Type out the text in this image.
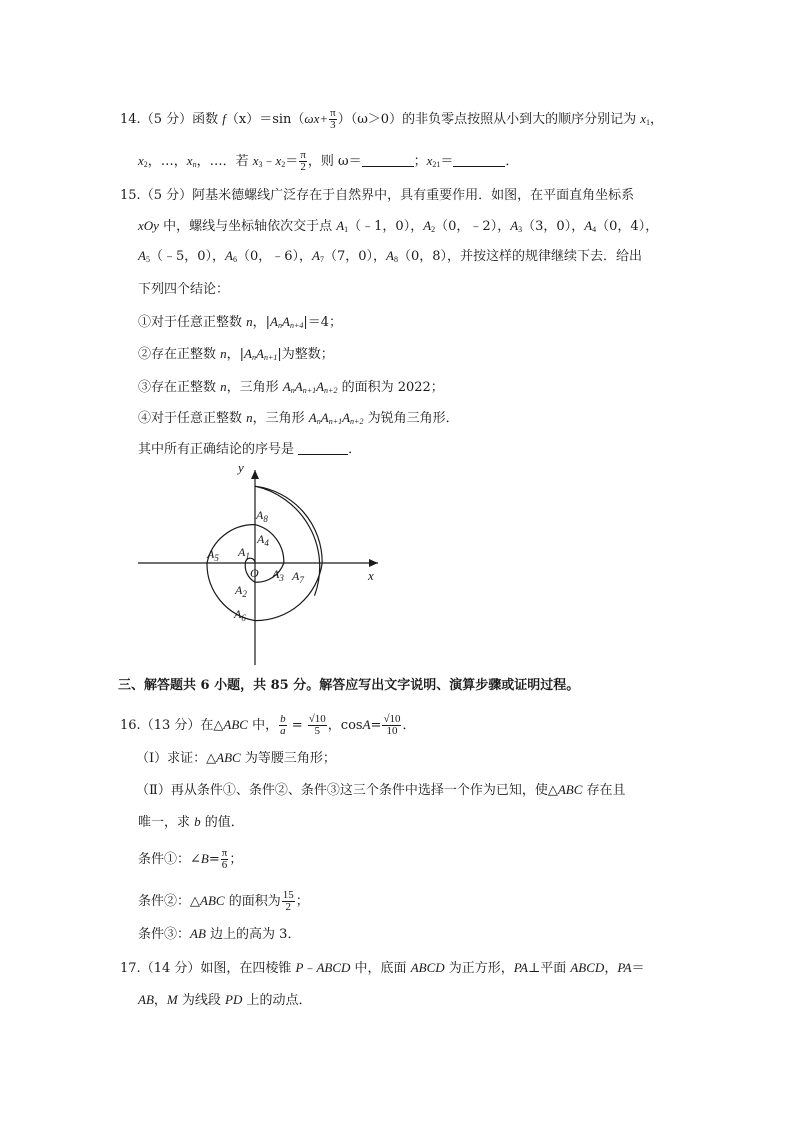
14.（5 分）函数 $f(x)=\sin(\omega x+ \frac{\pi}{3} )(\omega>0)$的非负零点按照从小到大的顺序分别记为 $x_1$，
$x_2$，…，$x_n$，…．若 $x_3﹣x_2= \frac{\pi}{2}$ ，则 ω＝	；$x_{21}=$	．
15.（5 分）阿基米德螺线广泛存在于自然界中，具有重要作用．如图，在平面直角坐标系
xOy 中，螺线与坐标轴依次交于点 $A_1(﹣1$，0），$A_2(0$，﹣2），$A_3(3$，0），$A_4(0$，4），
$A_5(﹣5$，0），$A_6(0$，﹣6），$A_7(7$，0），$A_8(0$，8），并按这样的规律继续下去．给出
下列四个结论：
①对于任意正整数 n，$|A_nA_{n+4}|=4$；
②存在正整数 n，$|A_nA_{n+1}|$为整数；
③存在正整数 n，三角形 $A_nA_{n+1}A_{n+2}$ 的面积为 2022；
④对于任意正整数 n，三角形 $A_nA_{n+1}A_{n+2}$ 为锐角三角形．
其中所有正确结论的序号是	．
y
x
O
$A_8$
$A_4$
$A_1$
$A_5$
$A_3$ $A_7$
$A_2$
$A_6$
三、解答题共 6 小题，共 85 分。解答应写出文字说明、演算步骤或证明过程。
16.（13 分）在△ABC 中， $\frac{b}{a} = \frac{√10}{5}$ ，$\cos A= \frac{√10}{10}$ ．
（Ⅰ）求证：△ABC 为等腰三角形；
（Ⅱ）再从条件①、条件②、条件③这三个条件中选择一个作为已知，使△ABC 存在且
唯一，求 b 的值．
条件①：∠B= $\frac{\pi}{6}$ ；
条件②：△ABC 的面积为 $\frac{15}{2}$ ；
条件③：AB 边上的高为 3．
17.（14 分）如图，在四棱锥 P﹣ABCD 中，底面 ABCD 为正方形，PA⊥平面 ABCD，PA＝
AB，M 为线段 PD 上的动点．
